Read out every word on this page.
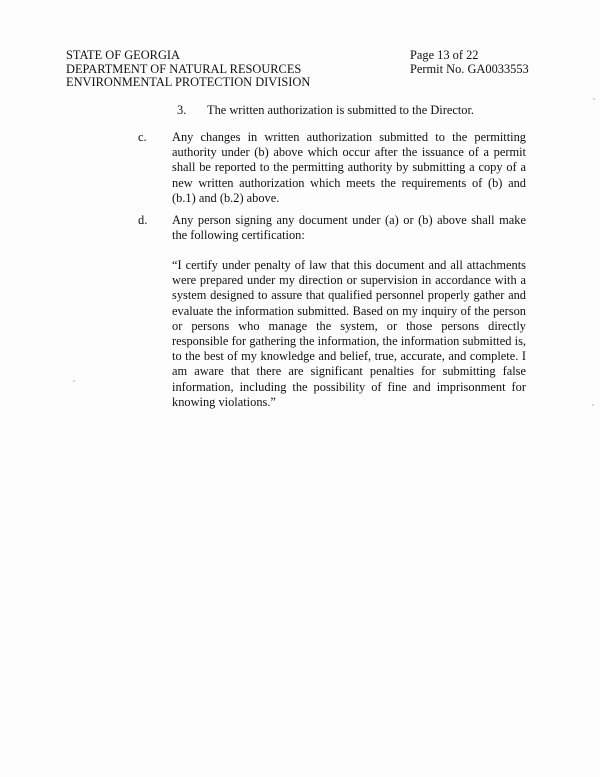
STATE OF GEORGIA
DEPARTMENT OF NATURAL RESOURCES
ENVIRONMENTAL PROTECTION DIVISION
Page 13 of 22
Permit No. GA0033553
3. The written authorization is submitted to the Director.
c. Any changes in written authorization submitted to the permitting authority under (b) above which occur after the issuance of a permit shall be reported to the permitting authority by submitting a copy of a new written authorization which meets the requirements of (b) and (b.1) and (b.2) above.
d. Any person signing any document under (a) or (b) above shall make the following certification:
“I certify under penalty of law that this document and all attachments were prepared under my direction or supervision in accordance with a system designed to assure that qualified personnel properly gather and evaluate the information submitted. Based on my inquiry of the person or persons who manage the system, or those persons directly responsible for gathering the information, the information submitted is, to the best of my knowledge and belief, true, accurate, and complete. I am aware that there are significant penalties for submitting false information, including the possibility of fine and imprisonment for knowing violations.”
